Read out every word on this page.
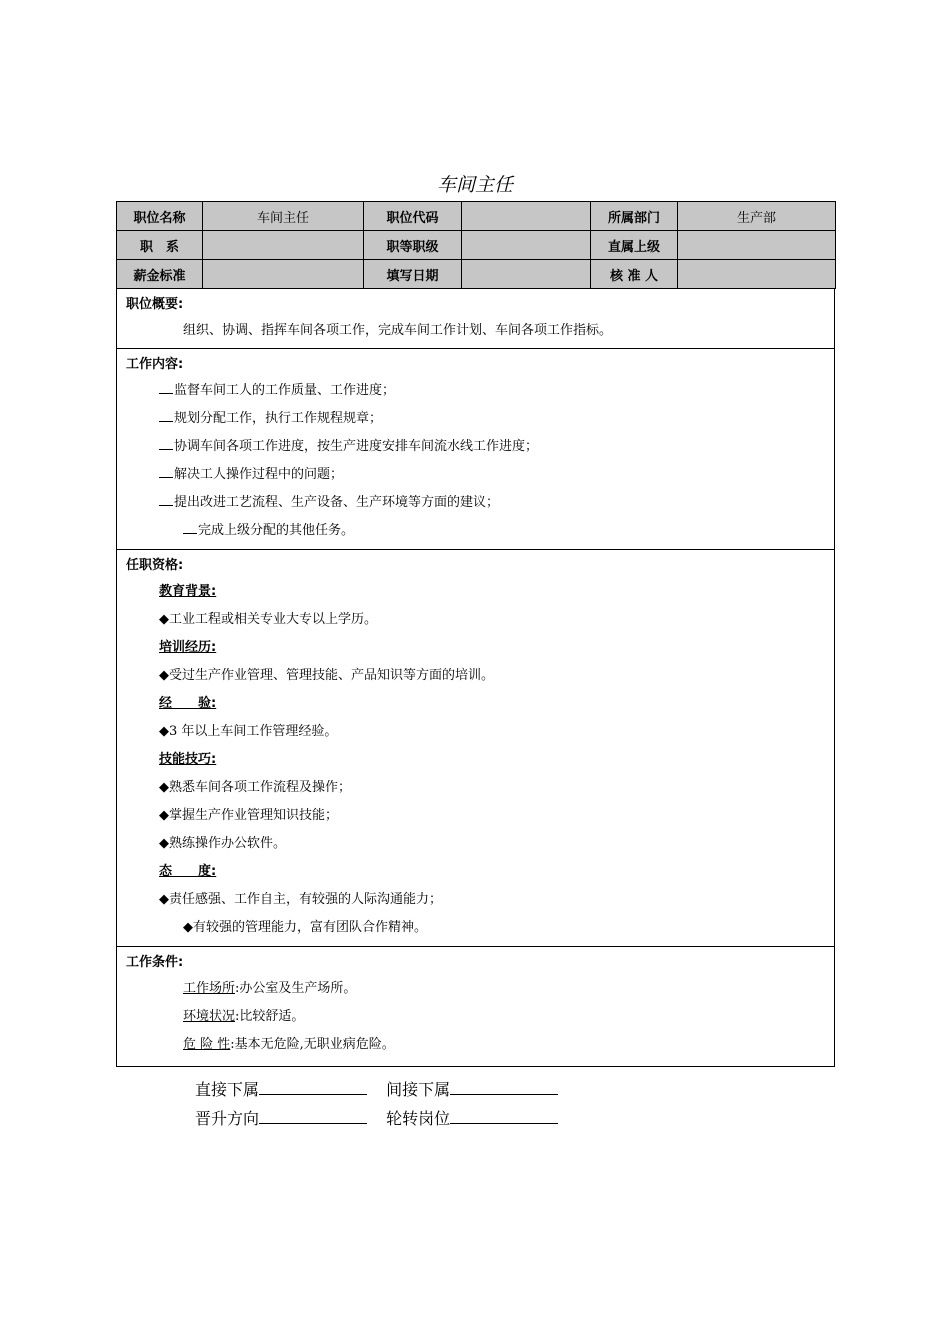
车间主任
职位名称	车间主任	职位代码		所属部门	生产部
职　系		职等职级		直属上级	
薪金标准		填写日期		核 准 人	
职位概要:
组织、协调、指挥车间各项工作，完成车间工作计划、车间各项工作指标。
工作内容:
监督车间工人的工作质量、工作进度；
规划分配工作，执行工作规程规章；
协调车间各项工作进度，按生产进度安排车间流水线工作进度；
解决工人操作过程中的问题；
提出改进工艺流程、生产设备、生产环境等方面的建议；
完成上级分配的其他任务。
任职资格:
教育背景:
◆工业工程或相关专业大专以上学历。
培训经历:
◆受过生产作业管理、管理技能、产品知识等方面的培训。
经　　验:
◆3 年以上车间工作管理经验。
技能技巧:
◆熟悉车间各项工作流程及操作；
◆掌握生产作业管理知识技能；
◆熟练操作办公软件。
态　　度:
◆责任感强、工作自主，有较强的人际沟通能力；
◆有较强的管理能力，富有团队合作精神。
工作条件:
工作场所:办公室及生产场所。
环境状况:比较舒适。
危 险 性:基本无危险,无职业病危险。
直接下属	间接下属
晋升方向	轮转岗位
